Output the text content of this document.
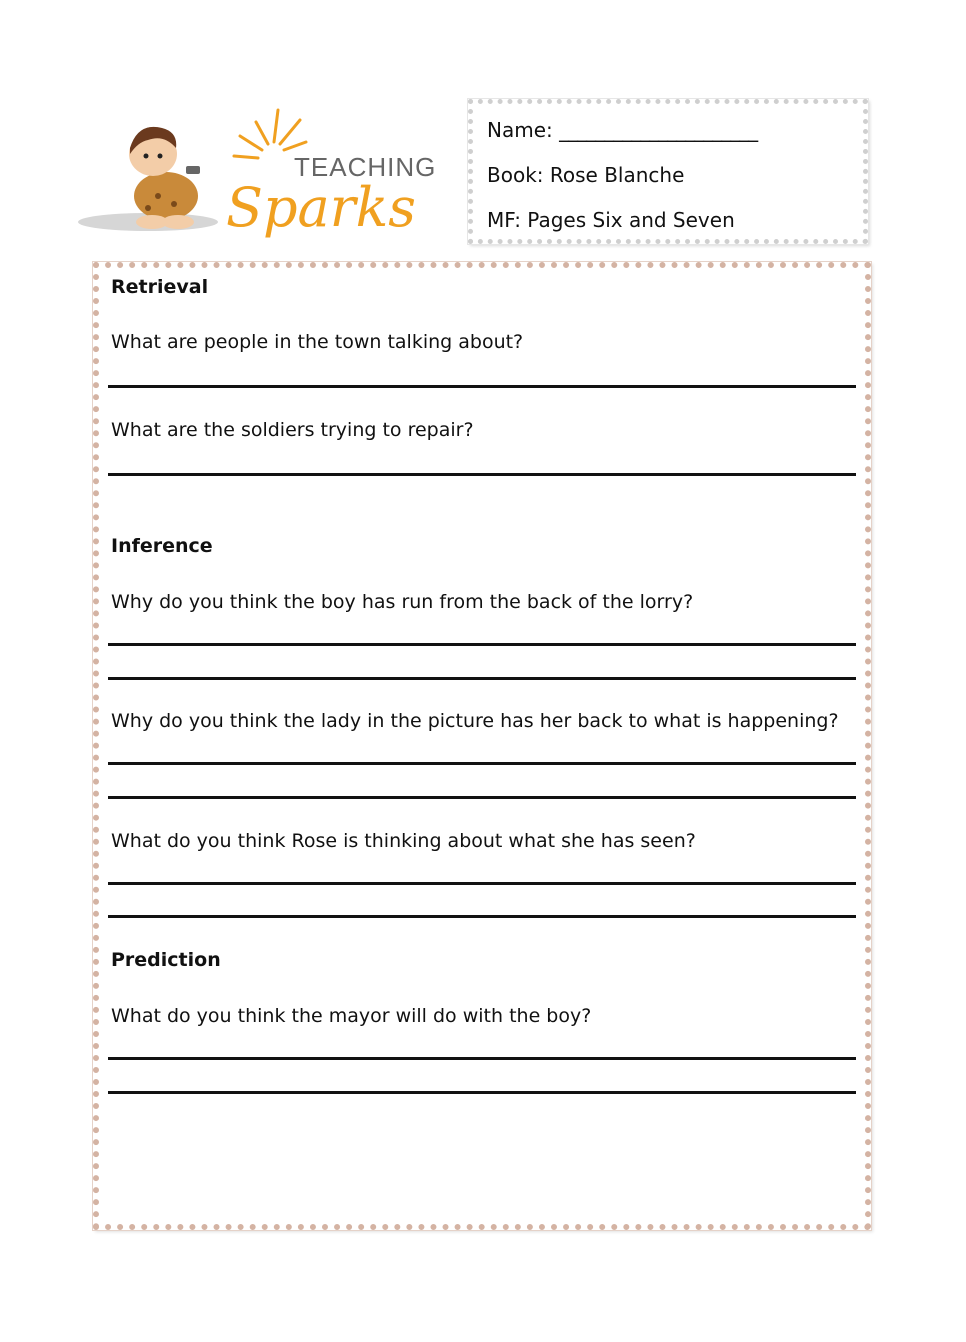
TEACHING
Sparks
Name: ______________________
Book: Rose Blanche
MF: Pages Six and Seven
Retrieval
What are people in the town talking about?
What are the soldiers trying to repair?
Inference
Why do you think the boy has run from the back of the lorry?
Why do you think the lady in the picture has her back to what is happening?
What do you think Rose is thinking about what she has seen?
Prediction
What do you think the mayor will do with the boy?
